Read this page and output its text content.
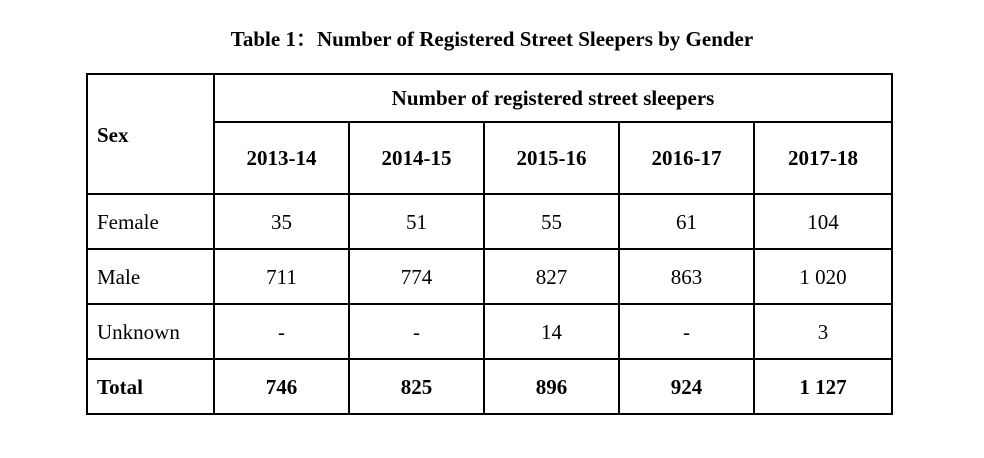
Table 1：Number of Registered Street Sleepers by Gender
Sex	Number of registered street sleepers				
	2013-14	2014-15	2015-16	2016-17	2017-18
Female	35	51	55	61	104
Male	711	774	827	863	1 020
Unknown	-	-	14	-	3
Total	746	825	896	924	1 127
